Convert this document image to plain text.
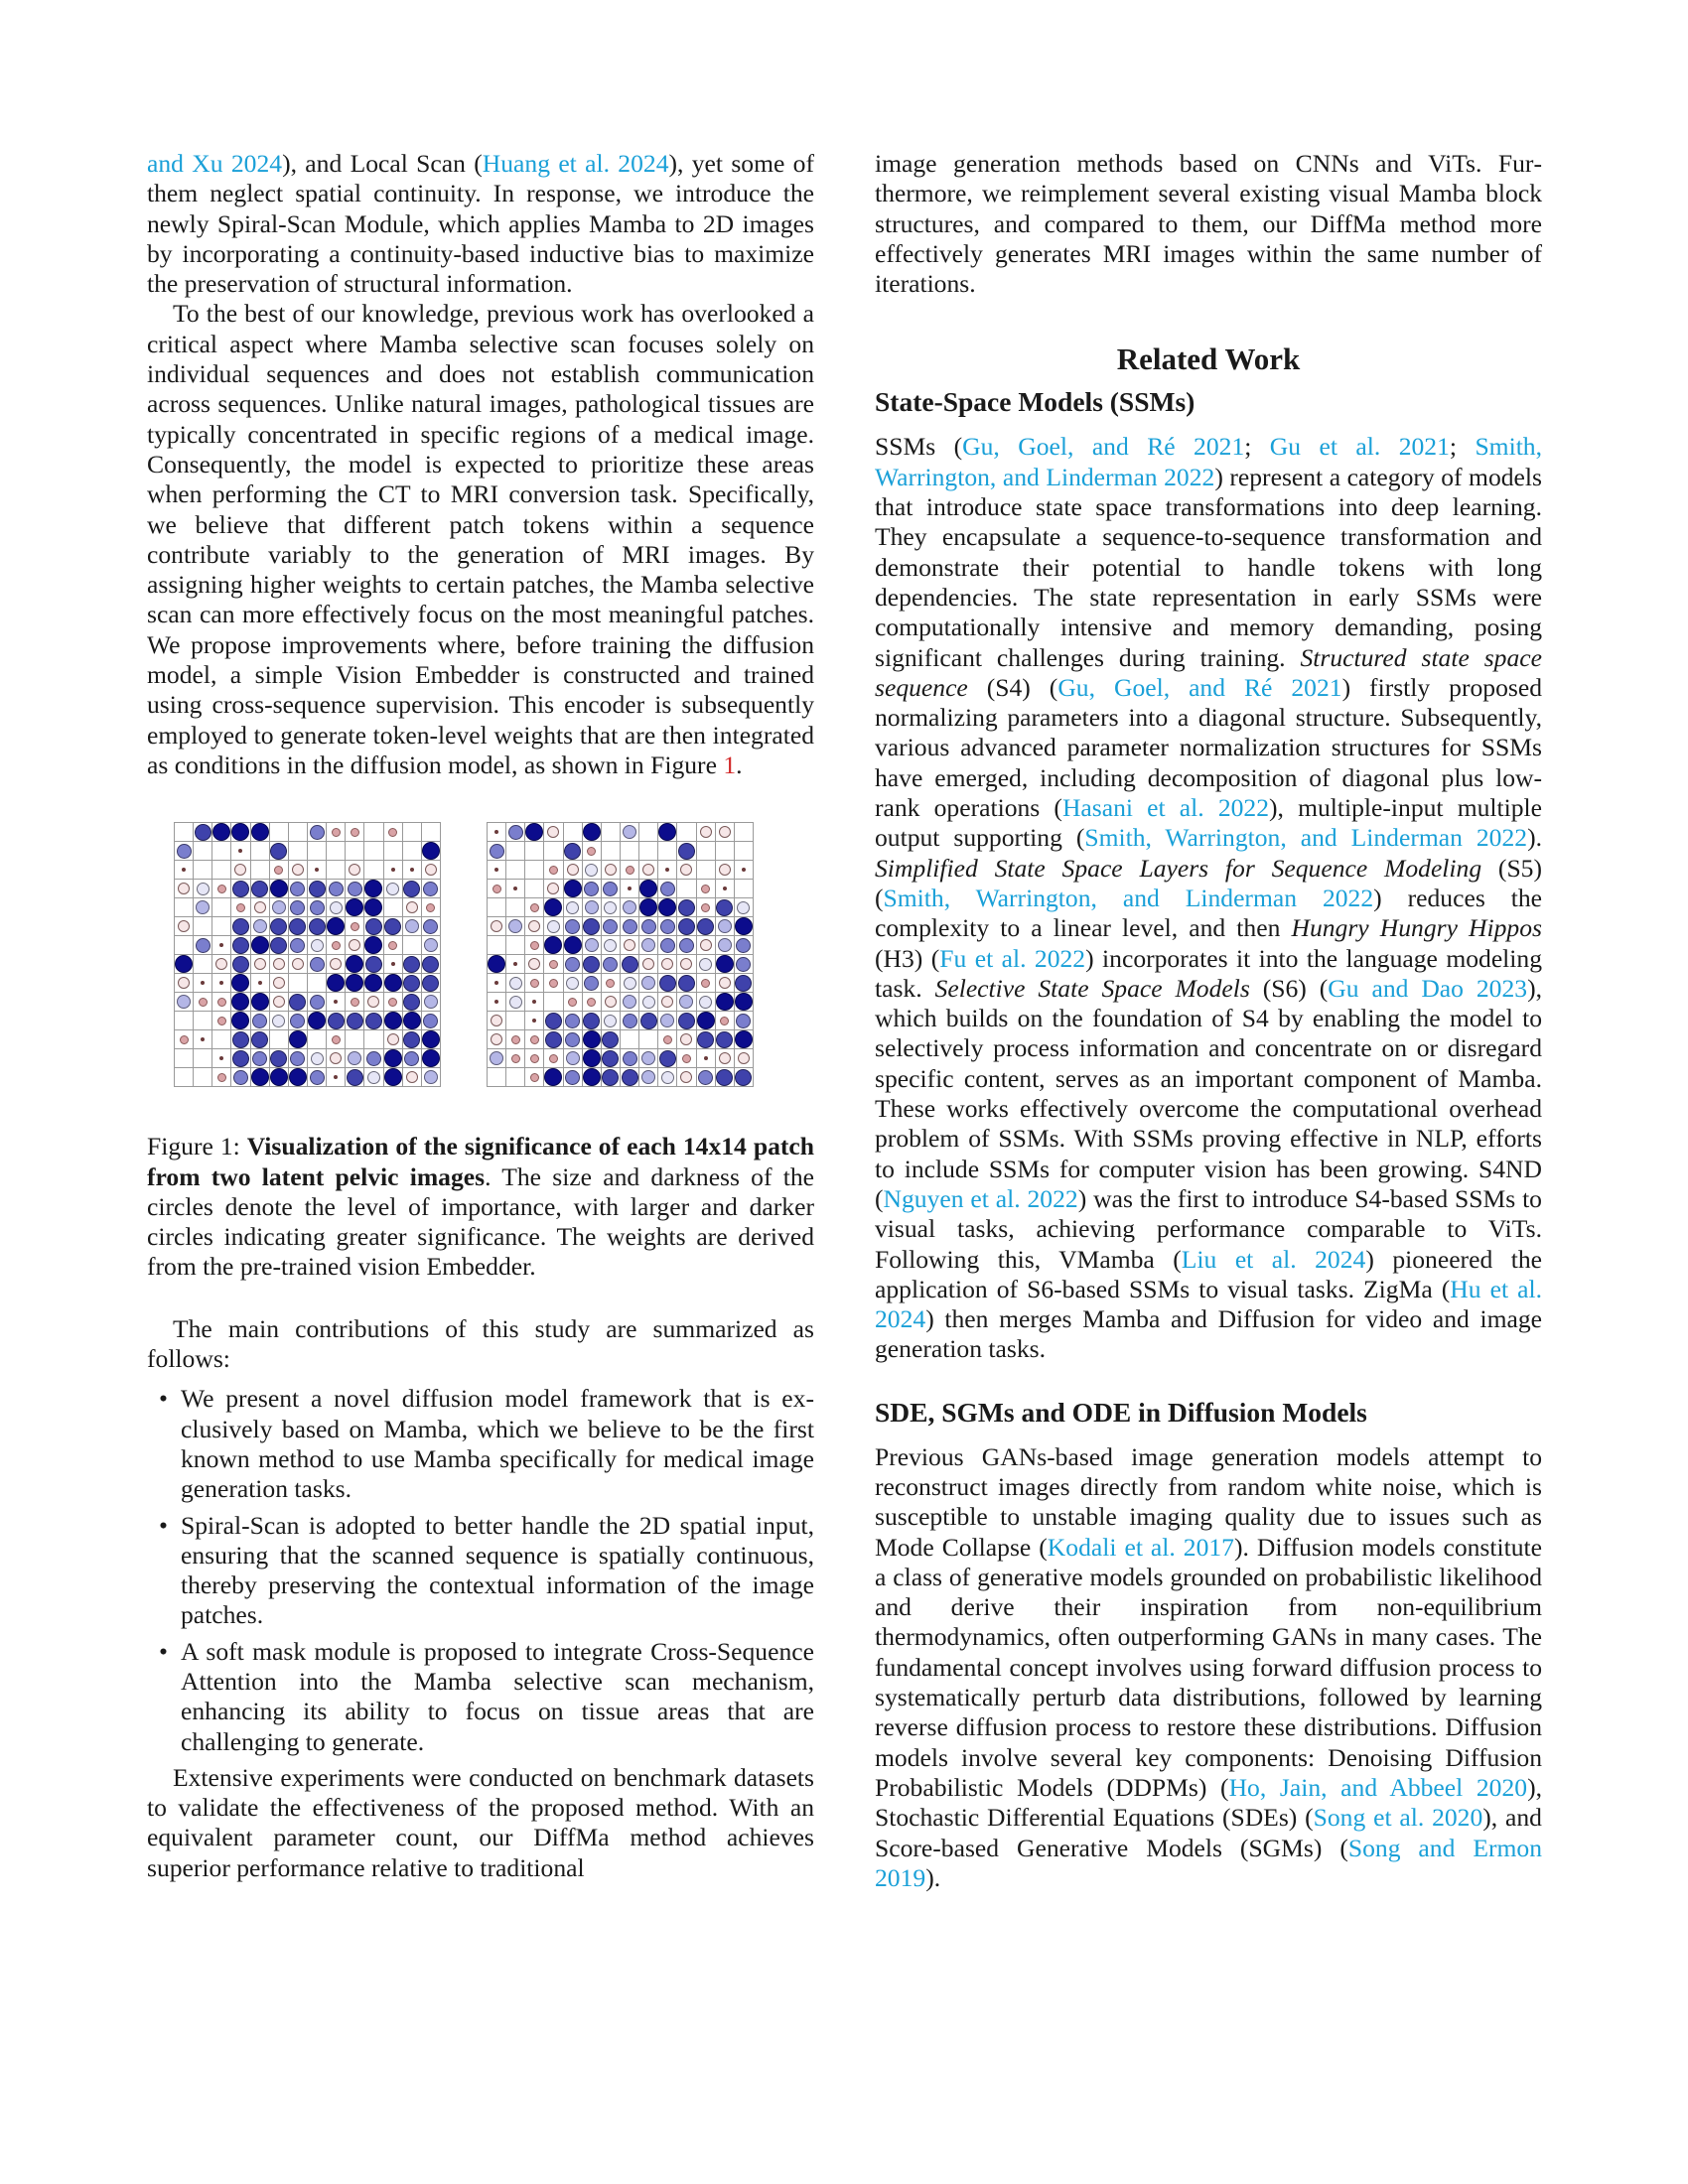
and Xu 2024), and Local Scan (Huang et al. 2024), yet some of them neglect spatial continuity. In response, we introduce the newly Spiral-Scan Module, which applies Mamba to 2D images by incorporating a continuity-based inductive bias to maximize the preservation of structural information.

To the best of our knowledge, previous work has overlooked a critical aspect where Mamba selective scan focuses solely on individual sequences and does not establish communication across sequences. Unlike natural images, pathological tissues are typically concentrated in specific regions of a medical image. Consequently, the model is expected to prioritize these areas when performing the CT to MRI conversion task. Specifically, we believe that different patch tokens within a sequence contribute variably to the generation of MRI images. By assigning higher weights to certain patches, the Mamba selective scan can more effectively focus on the most meaningful patches. We propose improvements where, before training the diffusion model, a simple Vision Embedder is constructed and trained using cross-sequence supervision. This encoder is subsequently employed to generate token-level weights that are then integrated as conditions in the diffusion model, as shown in Figure 1.

Figure 1: Visualization of the significance of each 14x14 patch from two latent pelvic images. The size and darkness of the circles denote the level of importance, with larger and darker circles indicating greater significance. The weights are derived from the pre-trained vision Embedder.

The main contributions of this study are summarized as follows:

• We present a novel diffusion model framework that is exclusively based on Mamba, which we believe to be the first known method to use Mamba specifically for medical image generation tasks.
• Spiral-Scan is adopted to better handle the 2D spatial input, ensuring that the scanned sequence is spatially continuous, thereby preserving the contextual information of the image patches.
• A soft mask module is proposed to integrate Cross-Sequence Attention into the Mamba selective scan mechanism, enhancing its ability to focus on tissue areas that are challenging to generate.

Extensive experiments were conducted on benchmark datasets to validate the effectiveness of the proposed method. With an equivalent parameter count, our DiffMa method achieves superior performance relative to traditional

image generation methods based on CNNs and ViTs. Furthermore, we reimplement several existing visual Mamba block structures, and compared to them, our DiffMa method more effectively generates MRI images within the same number of iterations.

Related Work
State-Space Models (SSMs)

SSMs (Gu, Goel, and Ré 2021; Gu et al. 2021; Smith, Warrington, and Linderman 2022) represent a category of models that introduce state space transformations into deep learning. They encapsulate a sequence-to-sequence transformation and demonstrate their potential to handle tokens with long dependencies. The state representation in early SSMs were computationally intensive and memory demanding, posing significant challenges during training. Structured state space sequence (S4) (Gu, Goel, and Ré 2021) firstly proposed normalizing parameters into a diagonal structure. Subsequently, various advanced parameter normalization structures for SSMs have emerged, including decomposition of diagonal plus low-rank operations (Hasani et al. 2022), multiple-input multiple output supporting (Smith, Warrington, and Linderman 2022). Simplified State Space Layers for Sequence Modeling (S5) (Smith, Warrington, and Linderman 2022) reduces the complexity to a linear level, and then Hungry Hungry Hippos (H3) (Fu et al. 2022) incorporates it into the language modeling task. Selective State Space Models (S6) (Gu and Dao 2023), which builds on the foundation of S4 by enabling the model to selectively process information and concentrate on or disregard specific content, serves as an important component of Mamba. These works effectively overcome the computational overhead problem of SSMs. With SSMs proving effective in NLP, efforts to include SSMs for computer vision has been growing. S4ND (Nguyen et al. 2022) was the first to introduce S4-based SSMs to visual tasks, achieving performance comparable to ViTs. Following this, VMamba (Liu et al. 2024) pioneered the application of S6-based SSMs to visual tasks. ZigMa (Hu et al. 2024) then merges Mamba and Diffusion for video and image generation tasks.

SDE, SGMs and ODE in Diffusion Models

Previous GANs-based image generation models attempt to reconstruct images directly from random white noise, which is susceptible to unstable imaging quality due to issues such as Mode Collapse (Kodali et al. 2017). Diffusion models constitute a class of generative models grounded on probabilistic likelihood and derive their inspiration from non-equilibrium thermodynamics, often outperforming GANs in many cases. The fundamental concept involves using forward diffusion process to systematically perturb data distributions, followed by learning reverse diffusion process to restore these distributions. Diffusion models involve several key components: Denoising Diffusion Probabilistic Models (DDPMs) (Ho, Jain, and Abbeel 2020), Stochastic Differential Equations (SDEs) (Song et al. 2020), and Score-based Generative Models (SGMs) (Song and Ermon 2019).
